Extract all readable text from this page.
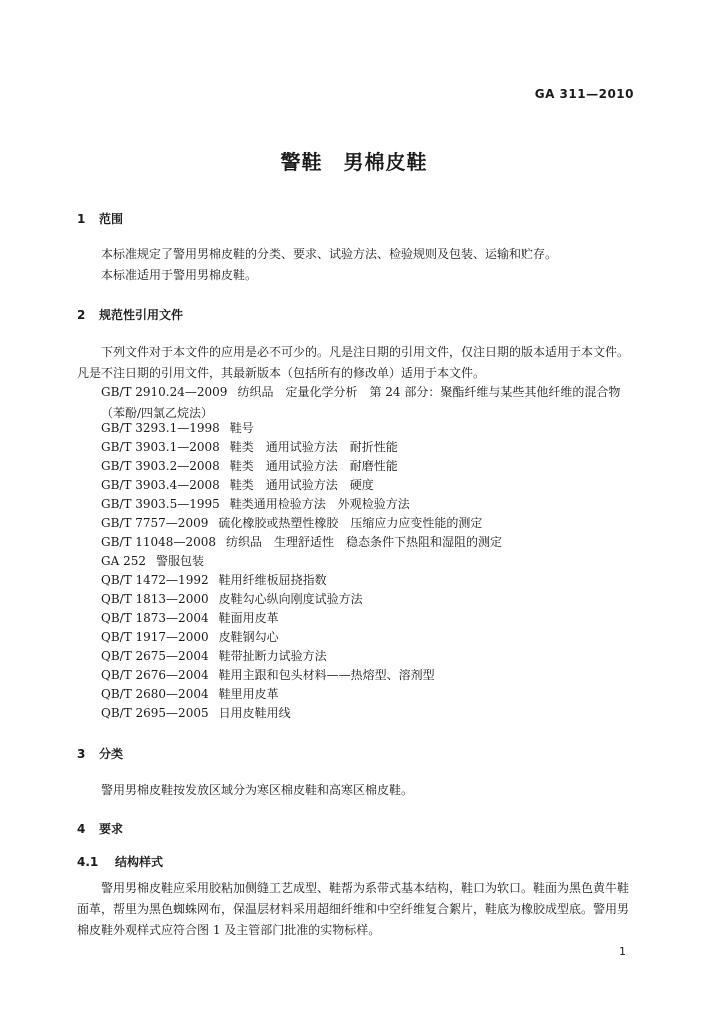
GA 311—2010
警鞋　男棉皮鞋
1 范围
本标准规定了警用男棉皮鞋的分类、要求、试验方法、检验规则及包装、运输和贮存。
本标准适用于警用男棉皮鞋。
2 规范性引用文件
下列文件对于本文件的应用是必不可少的。凡是注日期的引用文件，仅注日期的版本适用于本文件。凡是不注日期的引用文件，其最新版本（包括所有的修改单）适用于本文件。
GB/T 2910.24—2009 纺织品　定量化学分析　第 24 部分：聚酯纤维与某些其他纤维的混合物（苯酚/四氯乙烷法）
GB/T 3293.1—1998 鞋号
GB/T 3903.1—2008 鞋类　通用试验方法　耐折性能
GB/T 3903.2—2008 鞋类　通用试验方法　耐磨性能
GB/T 3903.4—2008 鞋类　通用试验方法　硬度
GB/T 3903.5—1995 鞋类通用检验方法　外观检验方法
GB/T 7757—2009 硫化橡胶或热塑性橡胶　压缩应力应变性能的测定
GB/T 11048—2008 纺织品　生理舒适性　稳态条件下热阻和湿阻的测定
GA 252 警服包装
QB/T 1472—1992 鞋用纤维板屈挠指数
QB/T 1813—2000 皮鞋勾心纵向刚度试验方法
QB/T 1873—2004 鞋面用皮革
QB/T 1917—2000 皮鞋钢勾心
QB/T 2675—2004 鞋带扯断力试验方法
QB/T 2676—2004 鞋用主跟和包头材料——热熔型、溶剂型
QB/T 2680—2004 鞋里用皮革
QB/T 2695—2005 日用皮鞋用线
3 分类
警用男棉皮鞋按发放区域分为寒区棉皮鞋和高寒区棉皮鞋。
4 要求
4.1 结构样式
警用男棉皮鞋应采用胶粘加侧缝工艺成型、鞋帮为系带式基本结构，鞋口为软口。鞋面为黑色黄牛鞋面革，帮里为黑色蜘蛛网布，保温层材料采用超细纤维和中空纤维复合絮片，鞋底为橡胶成型底。警用男棉皮鞋外观样式应符合图 1 及主管部门批准的实物标样。
1
